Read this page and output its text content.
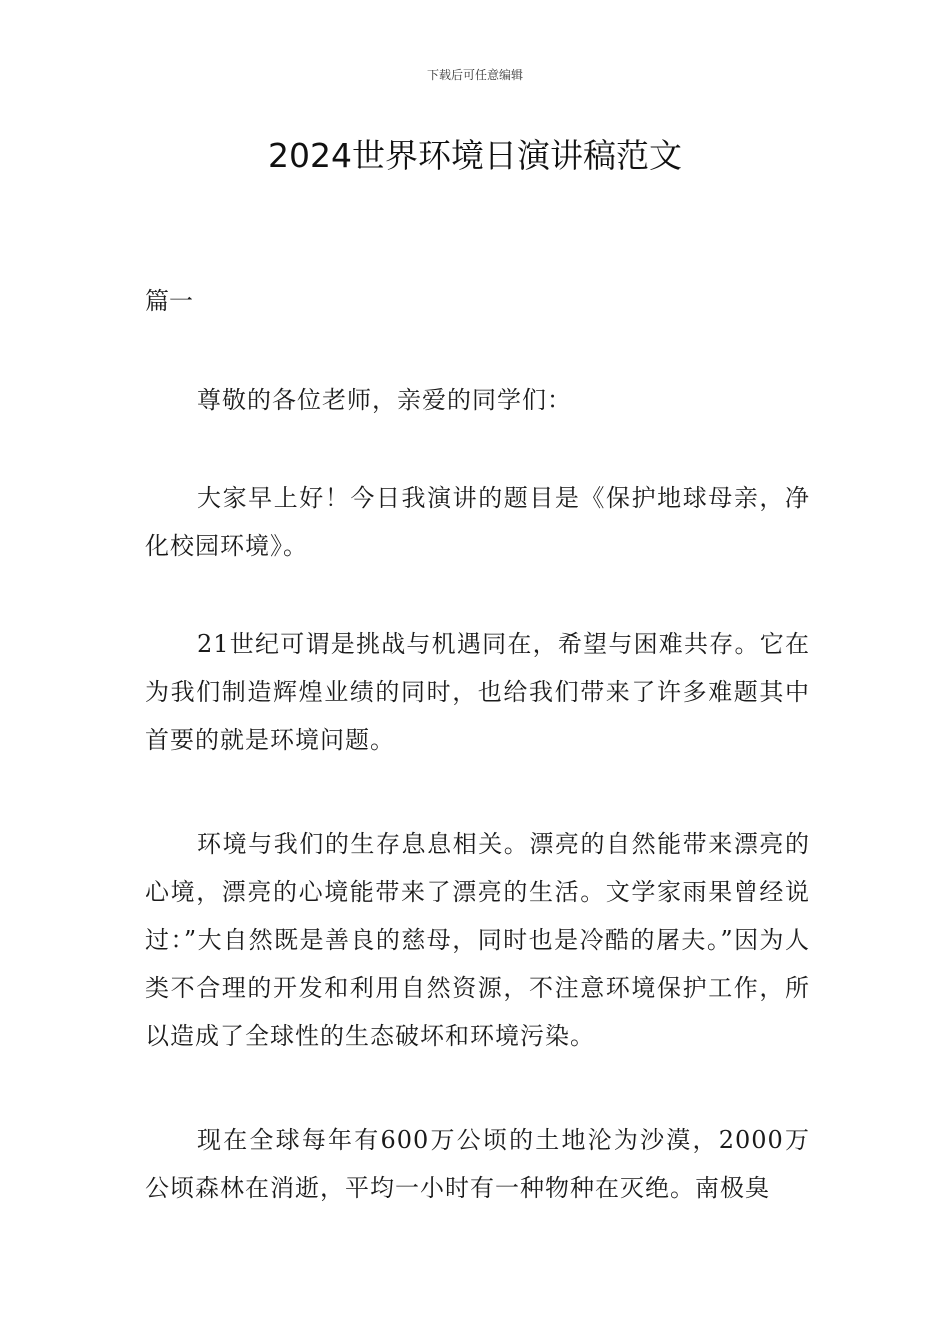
下载后可任意编辑
2024世界环境日演讲稿范文
篇一

尊敬的各位老师，亲爱的同学们：

大家早上好！今日我演讲的题目是《保护地球母亲，净化校园环境》。

21世纪可谓是挑战与机遇同在，希望与困难共存。它在为我们制造辉煌业绩的同时，也给我们带来了许多难题其中首要的就是环境问题。

环境与我们的生存息息相关。漂亮的自然能带来漂亮的心境，漂亮的心境能带来了漂亮的生活。文学家雨果曾经说过：”大自然既是善良的慈母，同时也是冷酷的屠夫。”因为人类不合理的开发和利用自然资源，不注意环境保护工作，所以造成了全球性的生态破坏和环境污染。

现在全球每年有600万公顷的土地沦为沙漠，2000万公顷森林在消逝，平均一小时有一种物种在灭绝。南极臭
